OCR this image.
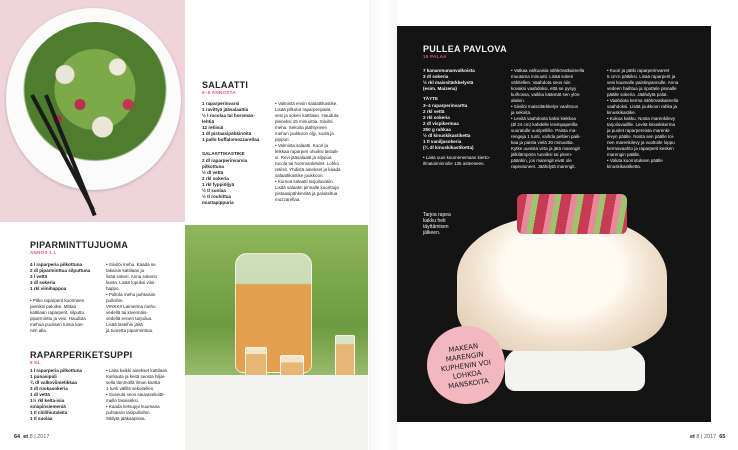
SALAATTI
6–8 ANNOSTA
1 raparperinvarsi
1 ravittyä jääsalaattia
½ l rucolaa tai horsman-
lehtiä
12 retiisiä
1 dl pistaasipähkinöitä
1 pallo buffalomozzarellaa
SALAATTIKASTIKE
2 dl raparperinvarsia
pilkottuna
½ dl vettä
2 rkl sokeria
1 rkl fyppiöljyä
½ tl suolaa
½ tl rouhittua
mustapippuria
• Valmista ensin salaattikastike.
Lisää pilkotut raparperipalat,
vesi ja sokeri kattilaan. Hauduta
pieneksi 15 minuuttia. Siivilöi
mehu. Sekoita jäähtyneen
mehun joukkoon öljy, suola ja
pippuri.
• Valmista salaatti. Kuori ja
leikkaa raparperi ohuiksi lastuik-
si. Revi jääsalaatti ja silppua
rucola tai horsmanlehdet. Lohko
retiisit. Yhdistä ainekset ja kaada
salaattikastike joukkoon.
• Kumoa salaatti tarjoiluvatiin.
Lisää salaatin pinnalle kuorittuja
pistaasipähkinöitä ja paloiteltua
mozzarellaa.
PIPARMINTTUJUOMA
ANNOS 1 L
4 l raparperia pilkottuna
2 dl piparminttua silputtuna
2 l vettä
3 dl sokeria
1 rkl viinihappoa
• Pilko raparperit kuorineen
pieniksi paloiksi. Mittaa
kattilaan raparperit, silputtu
piparminttu ja vesi. Hauduta
mehua puolisen tuntia kan-
nen alla.
• Siivilöi mehu. Kaada se
takaisin kattilaan ja
lisää sokeri. Anna sokerin
liueta. Lisää lopuksi viini-
happo.
• Pullota mehu puhtaisiin
pulloihin.
VINKKI! Laimenna mehu
vedellä tai kivennäis-
vedellä ennen tarjoilua.
Lisää laseihin jäitä
ja tuoretta piparminttua.
RAPARPERIKETSUPPI
8 DL
1 l raparperia pilkottuna
1 punasipuli
¾ dl valkoviinietikkaa
3 dl ruokasokeria
1 dl vettä
1½ rkl kelta-isia
sinapinsiemeniä
1 tl chilihiutaleita
1 tl suolaa
• Laita kaikki ainekset kattilaan.
Kiehauta ja keitä seosta hiljai-
sella lämmöllä ilman kantta
1 tunti välillä sekoitellen.
• Soseuta seos sauvasekoitti-
mella tasaiseksi.
• Kaada ketsuppi kuumana
puhtaisiin lasipulloihin.
Säilytä jääkaapissa.
64 et 8 | 2017
MAKEAN MARENGIN KUPHENIN VOI LOHKOA MANSKOITA
PULLEA PAVLOVA
15 PALAA
7 kananmunanvalkoista
3 dl sokeria
½ rkl maissitärkkelystä
(esim. Maizena)
TÄYTE
3–4 raparperinvartta
2 rkl vettä
2 rkl sokeria
2 dl vispikermaa
250 g rahkaa
½ dl kinuskikastiketta
1 tl vaniljasokeria
(¾ dl kinuskikastiketta)
• Laita uuni kuumenemaan kierto-
ilmatoiminnolle 135 asteeseen.
• Vatkaa valkuaisia sähkövatkaimella
muutama minuutti. Lisää sokeri
vähitellen. Vaahdota seos niin
kovaksi vaahdoksi, että se pysyy
kulhossa, vaikka käännät sen ylös-
alaisin.
• Siivilöi maissitärkkelys vaahtoon
ja sekoita.
• Levitä vaahdosta kaksi kiekkoa
(Ø 24 cm) kahdelle leivinpaperilla
vuoratulle uunipellille. Paista ma-
rengeja 1 tunti, vaihda peltien paik-
kaa ja paista vielä 30 minuuttia.
Kytke uunista virta ja jätä marengit
jälkilämpöön tunniksi tai pitem-
päänkin, jos marengit eivät ole
rapeutuneet. Jäähdytä marengit.
• Kuori ja pätki raparperinvarret
5 cm:n pätkiksi. Lisää raparperit ja
vesi kuumalle paistinpannulle. Anna
vedeen haihtua ja ripottele pinnalle
päälle sokeria. Jäähdytä palat.
• Vaahdota kerma sähkövatkaimella
vaahdoksi. Lisää joukkoon rahka ja
kinuskikastike.
• Kokoa kakku. Nosta marenkilevy
tarjoiluvadille. Levitä kinuskikerma
ja puolet raparpereista marenki-
levyn päälle. Nosta sen päälle toi-
nen marenkilevy ja vuottoile loppu
kermavaahto ja raparperit kesken
marengin päälle.
• Valuta kuorrutuksen päälle
kinuskikastiketta.
Tarjoa rapea
kakku heti
täyttämisen
jälkeen.
et 8 | 2017 65
